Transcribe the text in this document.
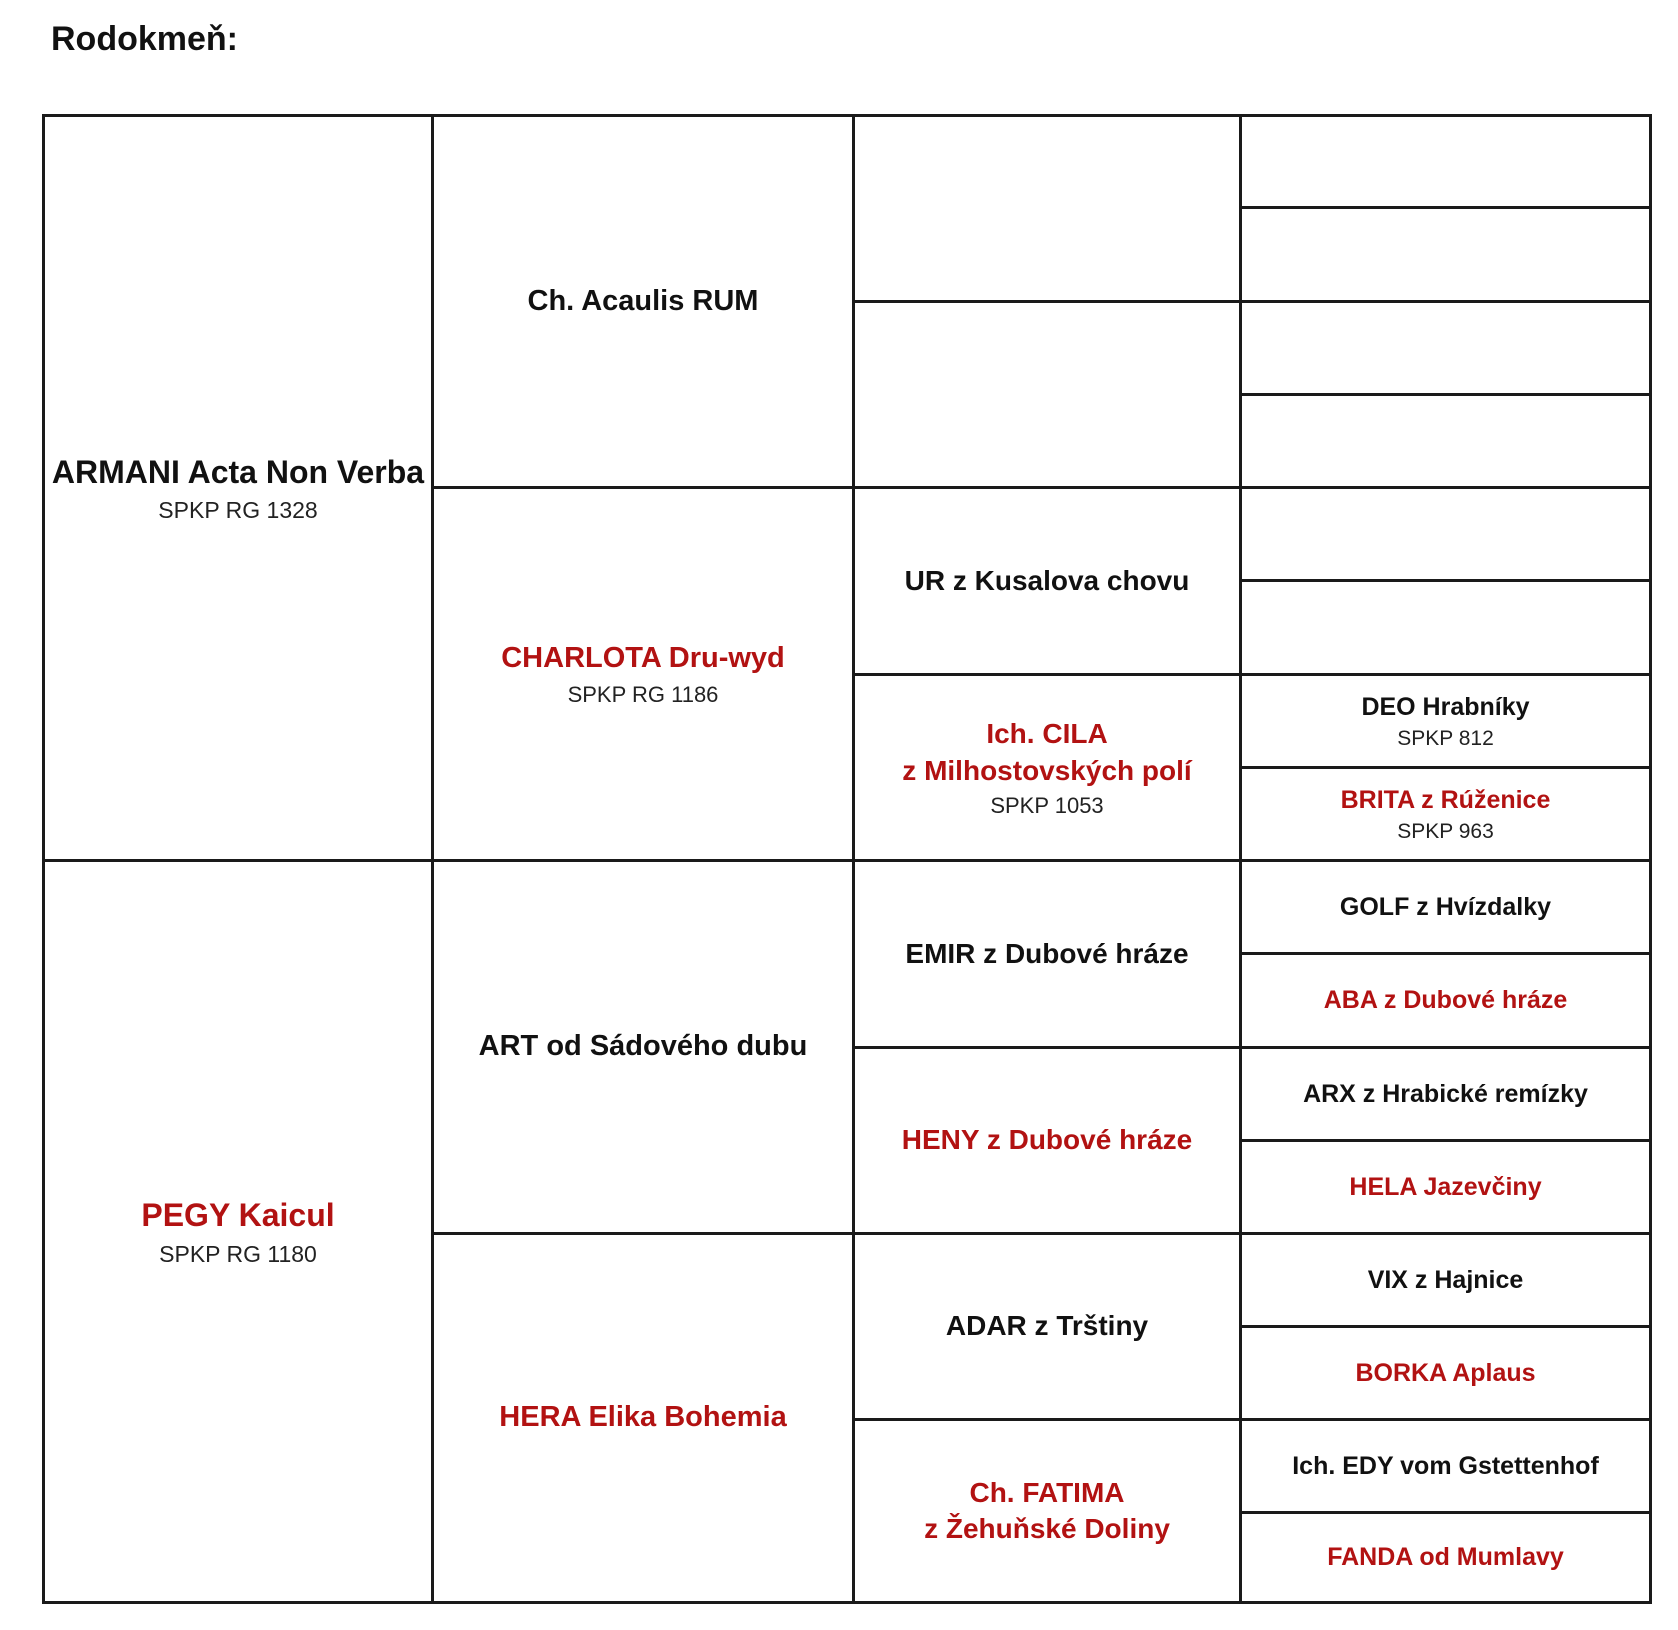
Rodokmeň:
ARMANI Acta Non Verba
SPKP RG 1328
PEGY Kaicul
SPKP RG 1180
Ch. Acaulis RUM
CHARLOTA Dru-wyd
SPKP RG 1186
ART od Sádového dubu
HERA Elika Bohemia
UR z Kusalova chovu
Ich. CILA
z Milhostovských polí
SPKP 1053
EMIR z Dubové hráze
HENY z Dubové hráze
ADAR z Trštiny
Ch. FATIMA
z Žehuňské Doliny
DEO Hrabníky
SPKP 812
BRITA z Rúženice
SPKP 963
GOLF z Hvízdalky
ABA z Dubové hráze
ARX z Hrabické remízky
HELA Jazevčiny
VIX z Hajnice
BORKA Aplaus
Ich. EDY vom Gstettenhof
FANDA od Mumlavy
